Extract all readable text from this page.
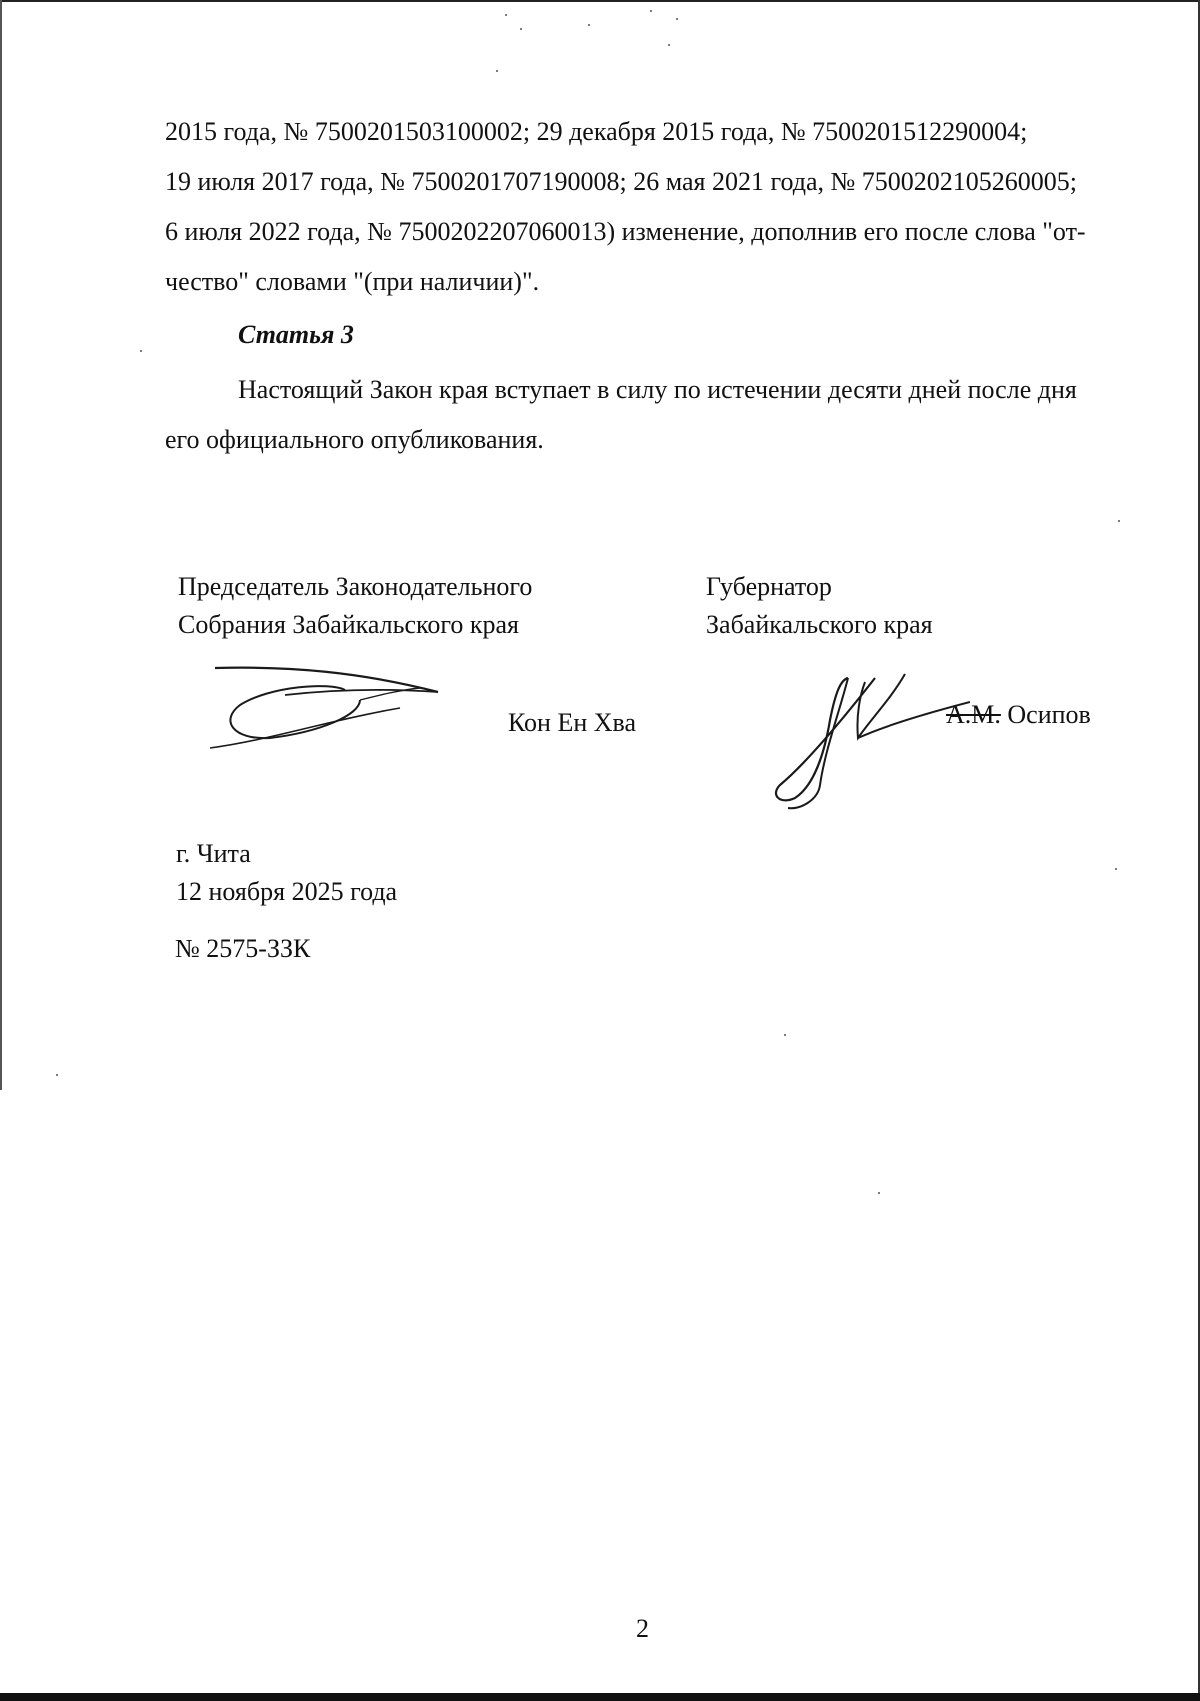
2015 года, № 7500201503100002; 29 декабря 2015 года, № 7500201512290004;
19 июля 2017 года, № 7500201707190008; 26 мая 2021 года, № 7500202105260005;
6 июля 2022 года, № 7500202207060013) изменение, дополнив его после слова "от-
чество" словами "(при наличии)".
Статья 3
Настоящий Закон края вступает в силу по истечении десяти дней после дня его официального опубликования.
Председатель Законодательного
Собрания Забайкальского края
Губернатор
Забайкальского края
Кон Ен Хва	А.М. Осипов
г. Чита
12 ноября 2025 года
№ 2575-ЗЗК
2
